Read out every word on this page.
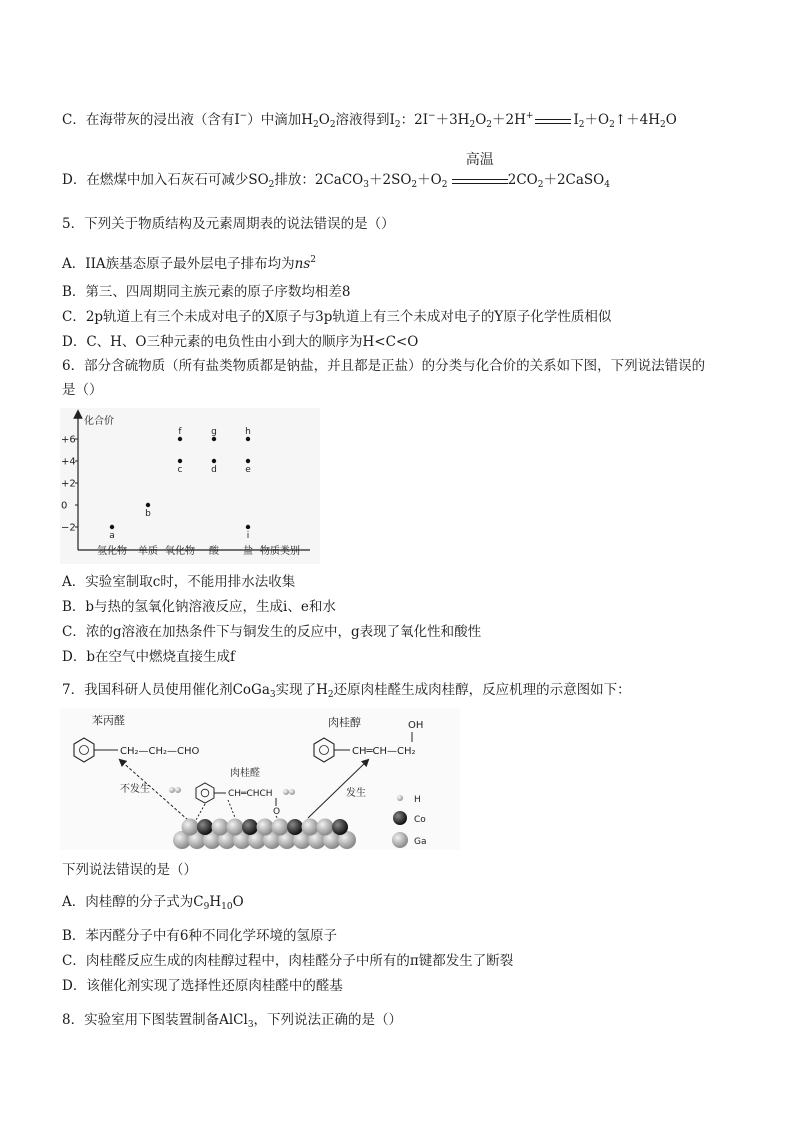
C．在海带灰的浸出液（含有I−）中滴加$H_2O_2$溶液得到$I_2$：$2I^-+3H_2O_2+2H^+$	$I_2+O_2↑+4H_2O$
D．在燃煤中加入石灰石可减少$SO_2$排放：$2CaCO_3+2SO_2+O_2$
高温
$2CO_2+2CaSO_4$
5．下列关于物质结构及元素周期表的说法错误的是（）
A．IIA族基态原子最外层电子排布均为$ns^2$
B．第三、四周期同主族元素的原子序数均相差8
C．2p轨道上有三个未成对电子的X原子与3p轨道上有三个未成对电子的Y原子化学性质相似
D．C、H、O三种元素的电负性由小到大的顺序为H<C<O
6．部分含硫物质（所有盐类物质都是钠盐，并且都是正盐）的分类与化合价的关系如下图，下列说法错误的
是（）
化合价
物质类别
+6
+4
+2
0
−2
氢化物 单质 氧化物 酸 盐
a
b
c
f
d
g
e
h
i
A．实验室制取c时，不能用排水法收集
B．b与热的氢氧化钠溶液反应，生成i、e和水
C．浓的g溶液在加热条件下与铜发生的反应中，g表现了氧化性和酸性
D．b在空气中燃烧直接生成f
7．我国科研人员使用催化剂CoGa$_3$实现了$H_2$还原肉桂醛生成肉桂醇，反应机理的示意图如下：
苯丙醛
CH₂—CH₂—CHO
肉桂醇	OH
CH═CH—CH₂
肉桂醛
CH═CHCH
O
不发生	发生
H
Co
Ga
下列说法错误的是（）
A．肉桂醇的分子式为$C_9H_{10}O$
B．苯丙醛分子中有6种不同化学环境的氢原子
C．肉桂醛反应生成的肉桂醇过程中，肉桂醛分子中所有的π键都发生了断裂
D．该催化剂实现了选择性还原肉桂醛中的醛基
8．实验室用下图装置制备AlCl$_3$，下列说法正确的是（）
